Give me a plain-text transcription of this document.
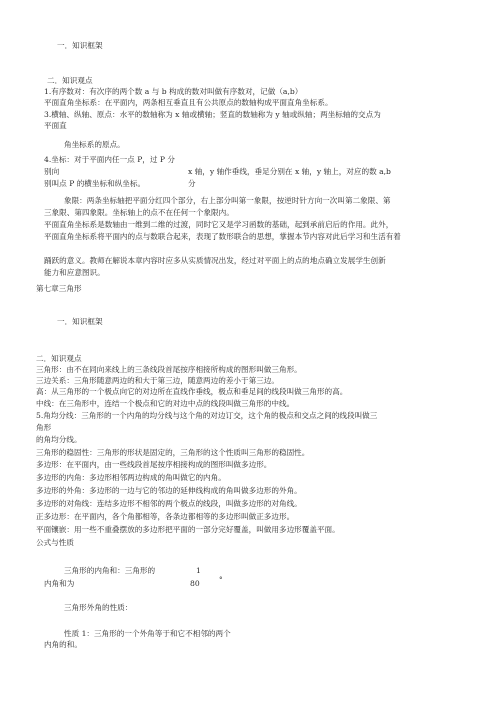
一．知识框架
二．知识观点
1.有序数对：有次序的两个数 a 与 b 构成的数对叫做有序数对，记做（a,b）
平面直角坐标系：在平面内，两条相互垂直且有公共原点的数轴构成平面直角坐标系。
3.横轴、纵轴、原点：水平的数轴称为 x 轴或横轴；竖直的数轴称为 y 轴或纵轴；两坐标轴的交点为
平面直
角坐标系的原点。
4.坐标：对于平面内任一点 P，过 P 分
别向	x 轴，y 轴作垂线，垂足分别在 x 轴，y 轴上，对应的数 a,b
别叫点 P 的横坐标和纵坐标。	分
象限：两条坐标轴把平面分红四个部分，右上部分叫第一象限，按逆时针方向一次叫第二象限、第
三象限、第四象限。坐标轴上的点不在任何一个象限内。
平面直角坐标系是数轴由一维到二维的过渡，同时它又是学习函数的基础，起到承前启后的作用。此外，
平面直角坐标系将平面内的点与数联合起来，表现了数形联合的思想，掌握本节内容对此后学习和生活有着
踊跃的意义。教师在解说本章内容时应多从实质情况出发，经过对平面上的点的地点确立发展学生创新
能力和应意图识。
第七章三角形
一．知识框架
二．知识观点
三角形：由不在同向来线上的三条线段首尾按序相接所构成的图形叫做三角形。
三边关系：三角形随意两边的和大于第三边，随意两边的差小于第三边。
高：从三角形的一个极点向它的对边所在直线作垂线，极点和垂足间的线段叫做三角形的高。
中线：在三角形中，连结一个极点和它的对边中点的线段叫做三角形的中线。
5.角均分线：三角形的一个内角的均分线与这个角的对边订交，这个角的极点和交点之间的线段叫做三
角形
的角均分线。
三角形的稳固性：三角形的形状是固定的，三角形的这个性质叫三角形的稳固性。
多边形：在平面内，由一些线段首尾按序相接构成的图形叫做多边形。
多边形的内角：多边形相邻两边构成的角叫做它的内角。
多边形的外角：多边形的一边与它的邻边的延伸线构成的角叫做多边形的外角。
多边形的对角线：连结多边形不相邻的两个极点的线段，叫做多边形的对角线。
正多边形：在平面内，各个角都相等，各条边都相等的多边形叫做正多边形。
平面镶嵌：用一些不重叠摆放的多边形把平面的一部分完好覆盖，叫做用多边形覆盖平面。
公式与性质
三角形的内角和：三角形的	1
内角和为	80	°
三角形外角的性质：
性质 1：三角形的一个外角等于和它不相邻的两个
内角的和。
